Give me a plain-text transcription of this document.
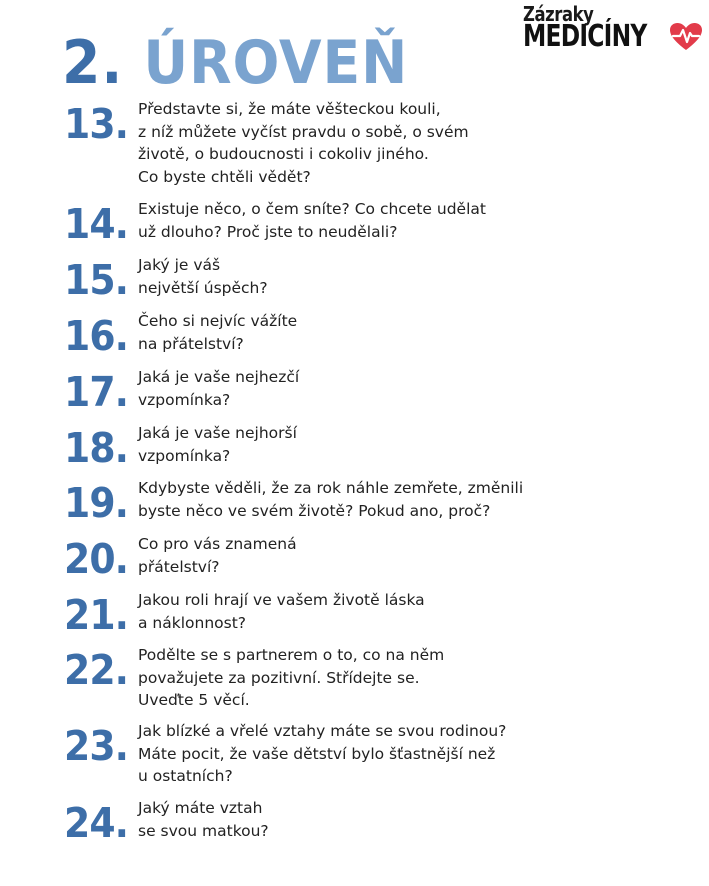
Zázraky
MEDICÍNY
2. ÚROVEŇ
13. Představte si, že máte věšteckou kouli,
z níž můžete vyčíst pravdu o sobě, o svém
životě, o budoucnosti i cokoliv jiného.
Co byste chtěli vědět?
14. Existuje něco, o čem sníte? Co chcete udělat
už dlouho? Proč jste to neudělali?
15. Jaký je váš
největší úspěch?
16. Čeho si nejvíc vážíte
na přátelství?
17. Jaká je vaše nejhezčí
vzpomínka?
18. Jaká je vaše nejhorší
vzpomínka?
19. Kdybyste věděli, že za rok náhle zemřete, změnili
byste něco ve svém životě? Pokud ano, proč?
20. Co pro vás znamená
přátelství?
21. Jakou roli hrají ve vašem životě láska
a náklonnost?
22. Podělte se s partnerem o to, co na něm
považujete za pozitivní. Střídejte se.
Uveďte 5 věcí.
23. Jak blízké a vřelé vztahy máte se svou rodinou?
Máte pocit, že vaše dětství bylo šťastnější než
u ostatních?
24. Jaký máte vztah
se svou matkou?
